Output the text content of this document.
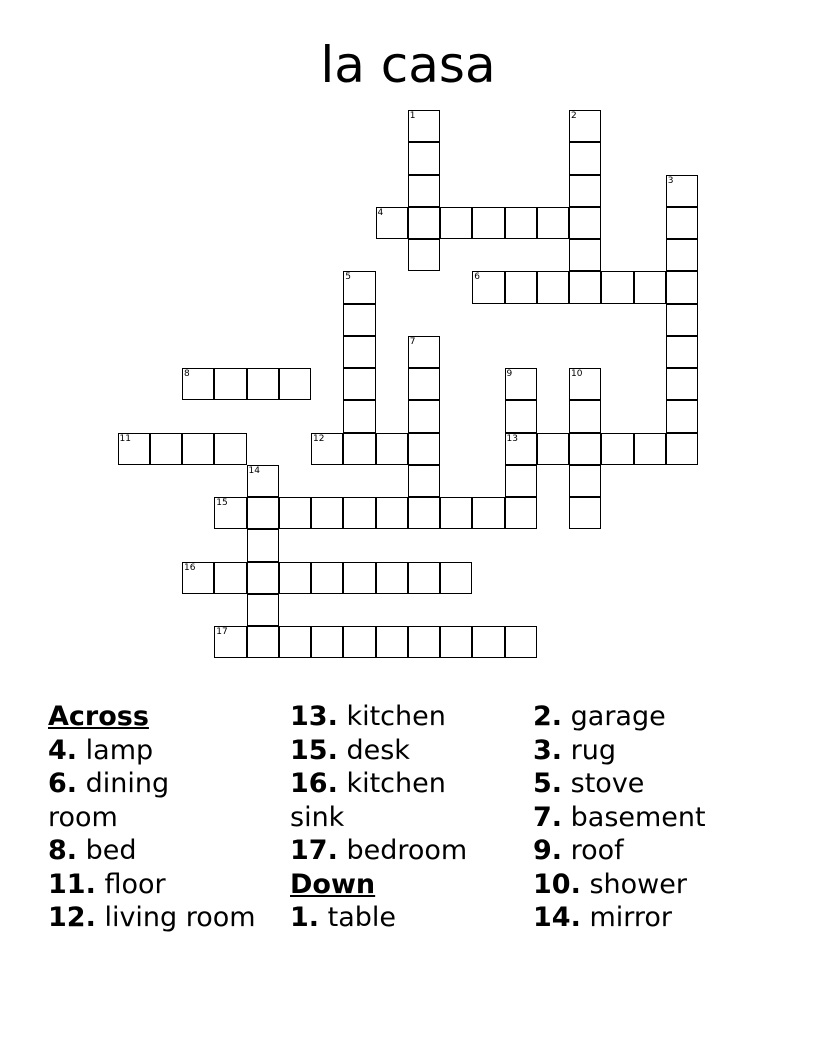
la casa
1	2
3
4
5	6
7
8	9
13
10
11	12
14
15
16
17
Across
4. lamp
6. dining room
8. bed
11. floor
12. living room
13. kitchen
15. desk
16. kitchen sink
17. bedroom
Down
1. table
2. garage
3. rug
5. stove
7. basement
9. roof
10. shower
14. mirror
